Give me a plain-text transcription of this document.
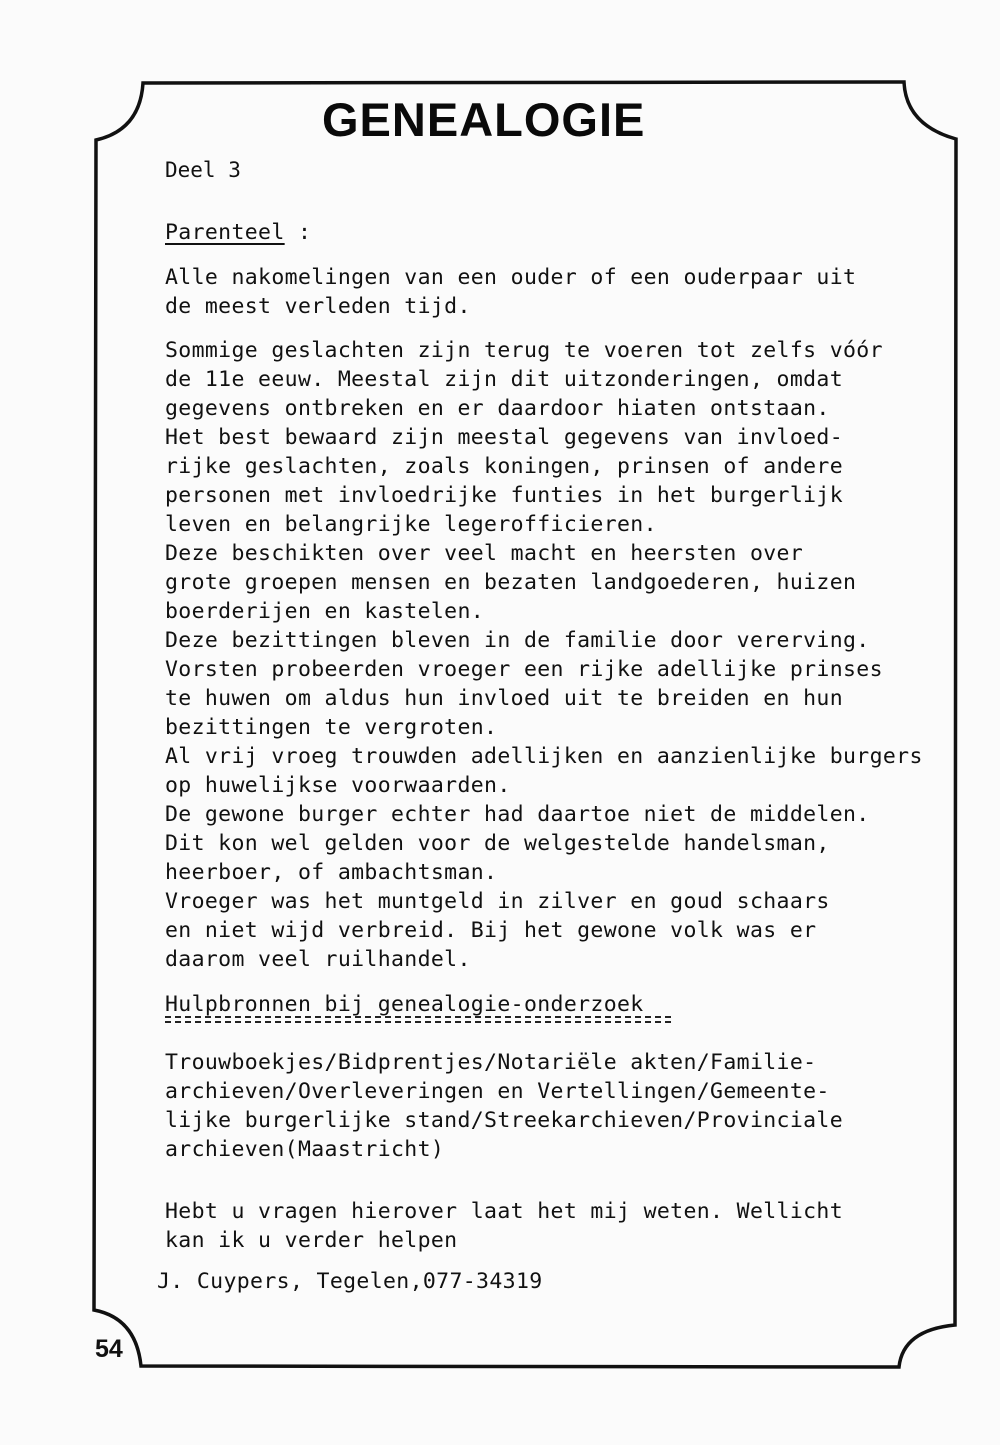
GENEALOGIE
Deel 3
Parenteel :
Alle nakomelingen van een ouder of een ouderpaar uit
de meest verleden tijd.
Sommige geslachten zijn terug te voeren tot zelfs vóór
de 11e eeuw. Meestal zijn dit uitzonderingen, omdat
gegevens ontbreken en er daardoor hiaten ontstaan.
Het best bewaard zijn meestal gegevens van invloed-
rijke geslachten, zoals koningen, prinsen of andere
personen met invloedrijke funties in het burgerlijk
leven en belangrijke legerofficieren.
Deze beschikten over veel macht en heersten over
grote groepen mensen en bezaten landgoederen, huizen
boerderijen en kastelen.
Deze bezittingen bleven in de familie door vererving.
Vorsten probeerden vroeger een rijke adellijke prinses
te huwen om aldus hun invloed uit te breiden en hun
bezittingen te vergroten.
Al vrij vroeg trouwden adellijken en aanzienlijke burgers
op huwelijkse voorwaarden.
De gewone burger echter had daartoe niet de middelen.
Dit kon wel gelden voor de welgestelde handelsman,
heerboer, of ambachtsman.
Vroeger was het muntgeld in zilver en goud schaars
en niet wijd verbreid. Bij het gewone volk was er
daarom veel ruilhandel.
Hulpbronnen bij genealogie-onderzoek
Trouwboekjes/Bidprentjes/Notariële akten/Familie-
archieven/Overleveringen en Vertellingen/Gemeente-
lijke burgerlijke stand/Streekarchieven/Provinciale
archieven(Maastricht)
Hebt u vragen hierover laat het mij weten. Wellicht
kan ik u verder helpen
J. Cuypers, Tegelen,077-34319
54
